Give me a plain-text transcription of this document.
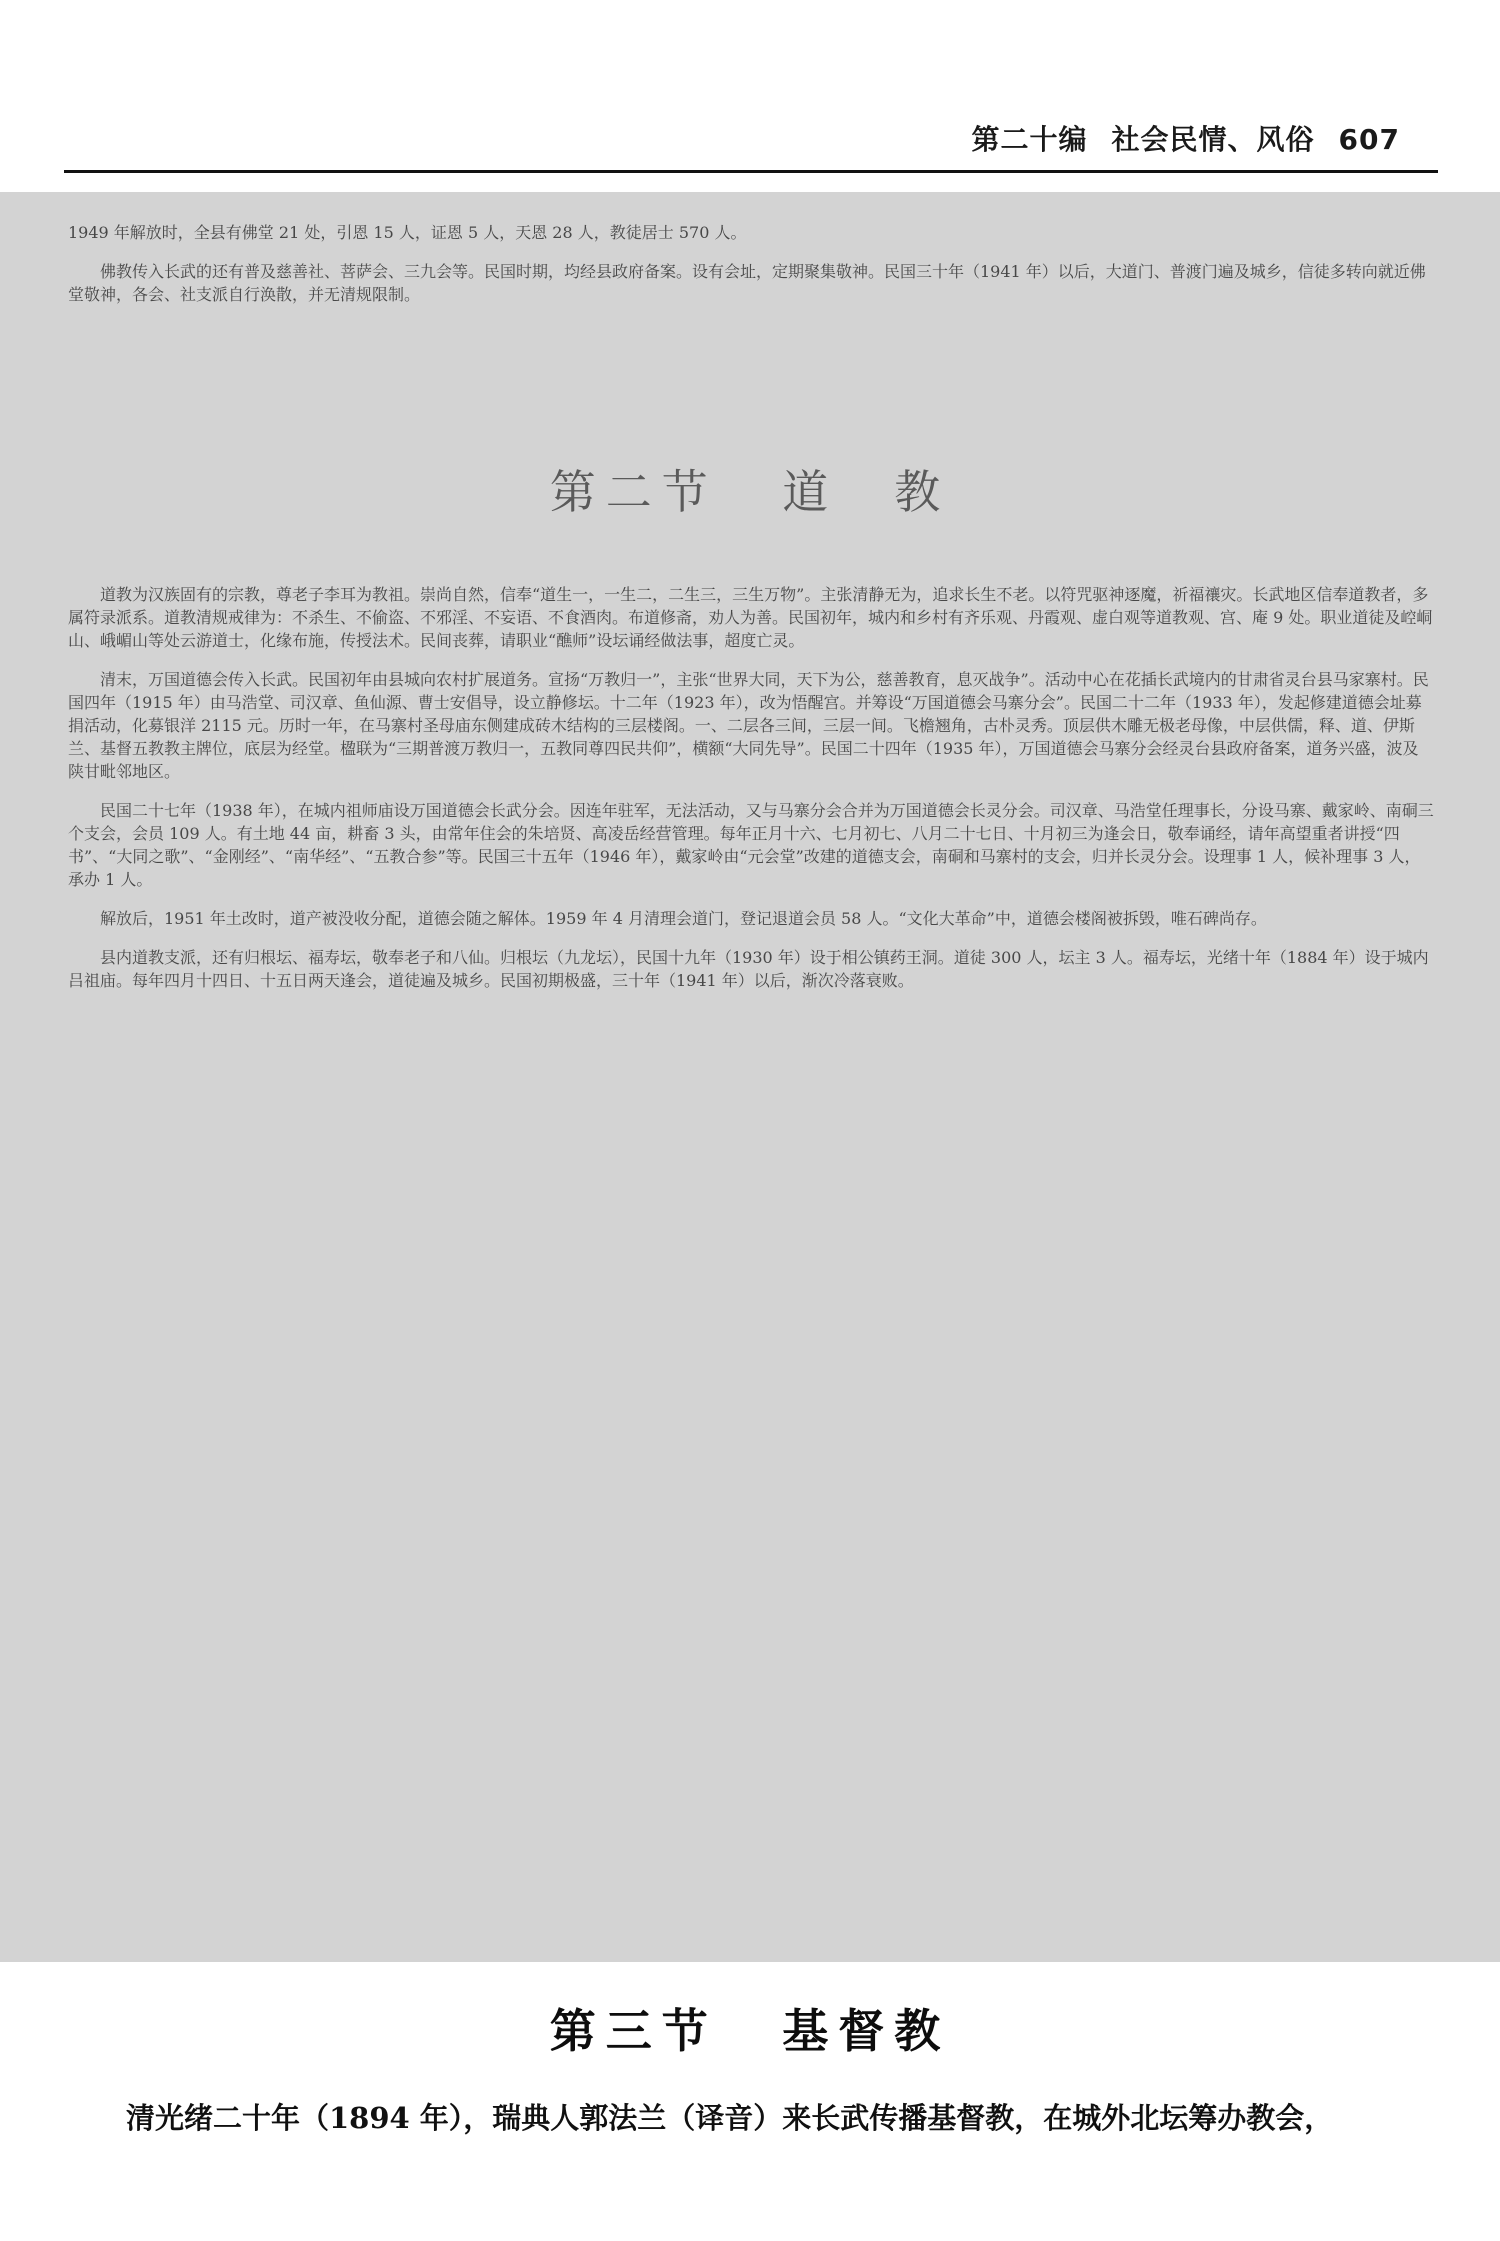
第二十编 社会民情、风俗 607

1949 年解放时，全县有佛堂 21 处，引恩 15 人，证恩 5 人，天恩 28 人，教徒居士 570 人。

佛教传入长武的还有普及慈善社、菩萨会、三九会等。民国时期，均经县政府备案。设有会址，定期聚集敬神。民国三十年（1941 年）以后，大道门、普渡门遍及城乡，信徒多转向就近佛堂敬神，各会、社支派自行涣散，并无清规限制。

第二节 道　教

道教为汉族固有的宗教，尊老子李耳为教祖。崇尚自然，信奉“道生一，一生二，二生三，三生万物”。主张清静无为，追求长生不老。以符咒驱神逐魔，祈福禳灾。长武地区信奉道教者，多属符录派系。道教清规戒律为：不杀生、不偷盗、不邪淫、不妄语、不食酒肉。布道修斋，劝人为善。民国初年，城内和乡村有齐乐观、丹霞观、虚白观等道教观、宫、庵 9 处。职业道徒及崆峒山、峨嵋山等处云游道士，化缘布施，传授法术。民间丧葬，请职业“醮师”设坛诵经做法事，超度亡灵。

清末，万国道德会传入长武。民国初年由县城向农村扩展道务。宣扬“万教归一”，主张“世界大同，天下为公，慈善教育，息灭战争”。活动中心在花插长武境内的甘肃省灵台县马家寨村。民国四年（1915 年）由马浩堂、司汉章、鱼仙源、曹士安倡导，设立静修坛。十二年（1923 年），改为悟醒宫。并筹设“万国道德会马寨分会”。民国二十二年（1933 年），发起修建道德会址募捐活动，化募银洋 2115 元。历时一年，在马寨村圣母庙东侧建成砖木结构的三层楼阁。一、二层各三间，三层一间。飞檐翘角，古朴灵秀。顶层供木雕无极老母像，中层供儒，释、道、伊斯兰、基督五教教主牌位，底层为经堂。楹联为“三期普渡万教归一，五教同尊四民共仰”，横额“大同先导”。民国二十四年（1935 年），万国道德会马寨分会经灵台县政府备案，道务兴盛，波及陕甘毗邻地区。

民国二十七年（1938 年），在城内祖师庙设万国道德会长武分会。因连年驻军，无法活动，又与马寨分会合并为万国道德会长灵分会。司汉章、马浩堂任理事长，分设马寨、戴家岭、南硐三个支会，会员 109 人。有土地 44 亩，耕畜 3 头，由常年住会的朱培贤、高凌岳经营管理。每年正月十六、七月初七、八月二十七日、十月初三为逢会日，敬奉诵经，请年高望重者讲授“四书”、“大同之歌”、“金刚经”、“南华经”、“五教合参”等。民国三十五年（1946 年），戴家岭由“元会堂”改建的道德支会，南硐和马寨村的支会，归并长灵分会。设理事 1 人，候补理事 3 人，承办 1 人。

解放后，1951 年土改时，道产被没收分配，道德会随之解体。1959 年 4 月清理会道门，登记退道会员 58 人。“文化大革命”中，道德会楼阁被拆毁，唯石碑尚存。

县内道教支派，还有归根坛、福寿坛，敬奉老子和八仙。归根坛（九龙坛），民国十九年（1930 年）设于相公镇药王洞。道徒 300 人，坛主 3 人。福寿坛，光绪十年（1884 年）设于城内吕祖庙。每年四月十四日、十五日两天逢会，道徒遍及城乡。民国初期极盛，三十年（1941 年）以后，渐次冷落衰败。

第三节 基督教

清光绪二十年（1894 年），瑞典人郭法兰（译音）来长武传播基督教，在城外北坛筹办教会，
